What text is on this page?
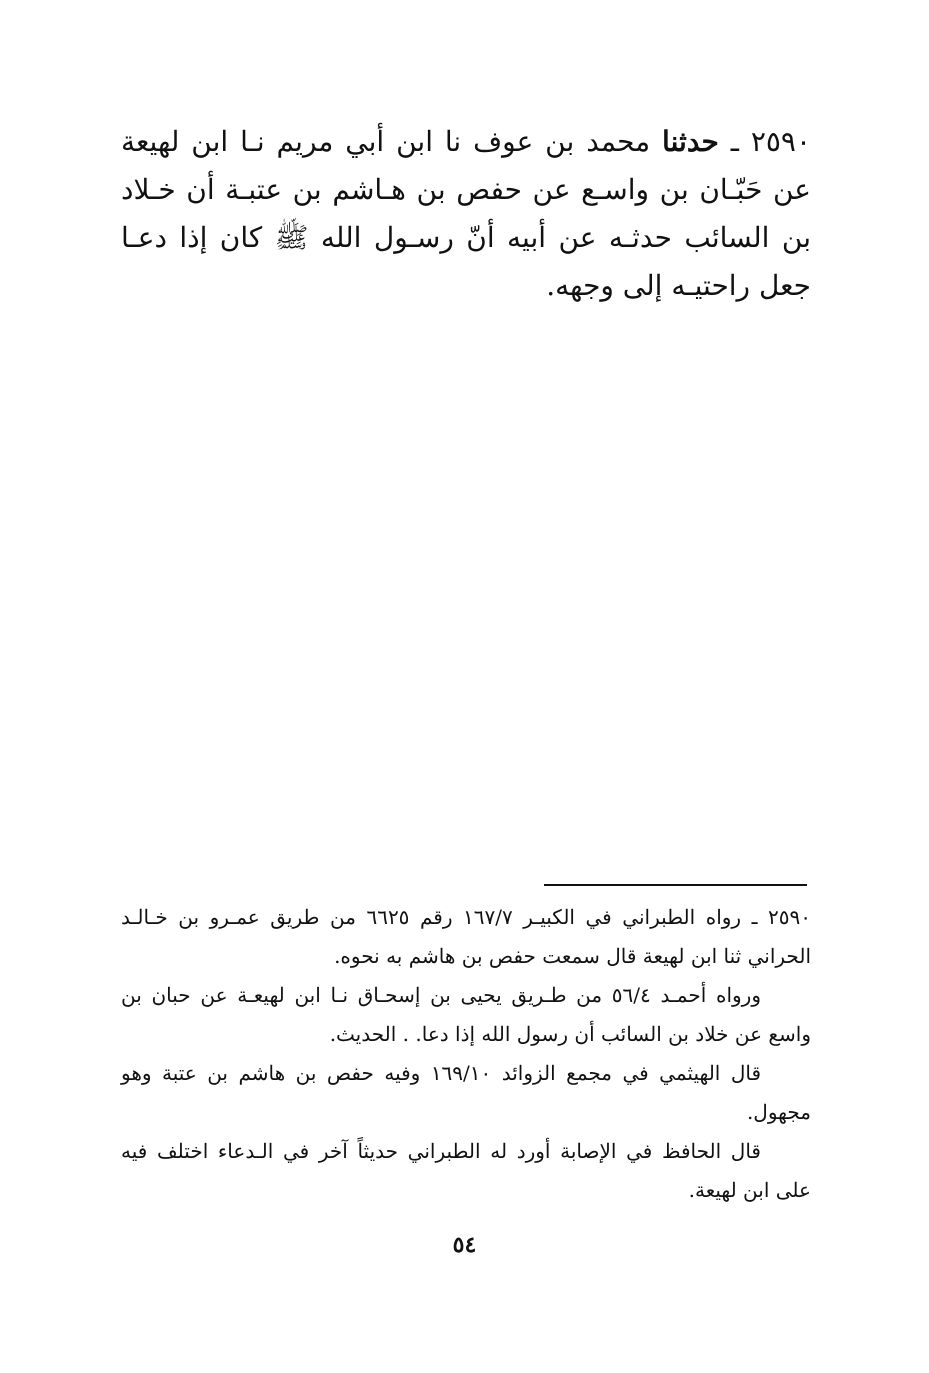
٢٥٩٠ ـ حدثنا محمد بن عوف نا ابن أبي مريم نـا ابن لهيعة عن حَبّـان بن واسـع عن حفص بن هـاشم بن عتبـة أن خـلاد بن السائب حدثـه عن أبيه أنّ رسـول الله ﷺ كان إذا دعـا جعل راحتيـه إلى وجهه.

٢٥٩٠ ـ رواه الطبراني في الكبيـر ١٦٧/٧ رقم ٦٦٢٥ من طريق عمـرو بن خـالـد الحراني ثنا ابن لهيعة قال سمعت حفص بن هاشم به نحوه.

ورواه أحمـد ٥٦/٤ من طـريق يحيى بن إسحـاق نـا ابن لهيعـة عن حبان بن واسع عن خلاد بن السائب أن رسول الله إذا دعا. . الحديث.

قال الهيثمي في مجمع الزوائد ١٦٩/١٠ وفيه حفص بن هاشم بن عتبة وهو مجهول.

قال الحافظ في الإصابة أورد له الطبراني حديثاً آخر في الـدعاء اختلف فيه على ابن لهيعة.

٥٤
